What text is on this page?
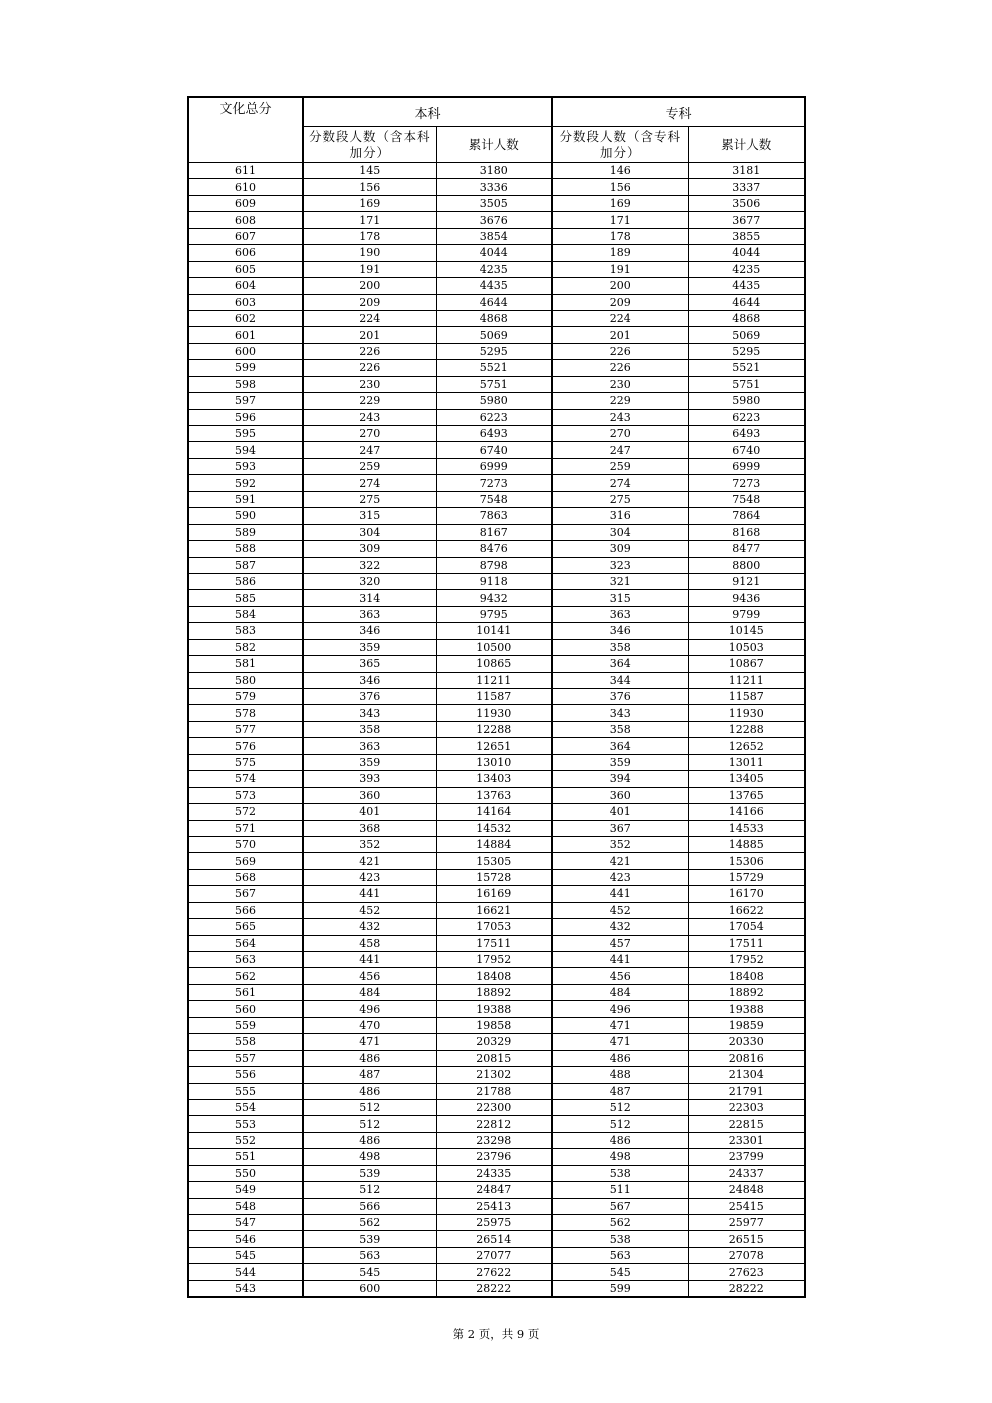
文化总分	本科		专科	
	分数段人数（含本科加分）	累计人数	分数段人数（含专科加分）	累计人数
611	145	3180	146	3181
610	156	3336	156	3337
609	169	3505	169	3506
608	171	3676	171	3677
607	178	3854	178	3855
606	190	4044	189	4044
605	191	4235	191	4235
604	200	4435	200	4435
603	209	4644	209	4644
602	224	4868	224	4868
601	201	5069	201	5069
600	226	5295	226	5295
599	226	5521	226	5521
598	230	5751	230	5751
597	229	5980	229	5980
596	243	6223	243	6223
595	270	6493	270	6493
594	247	6740	247	6740
593	259	6999	259	6999
592	274	7273	274	7273
591	275	7548	275	7548
590	315	7863	316	7864
589	304	8167	304	8168
588	309	8476	309	8477
587	322	8798	323	8800
586	320	9118	321	9121
585	314	9432	315	9436
584	363	9795	363	9799
583	346	10141	346	10145
582	359	10500	358	10503
581	365	10865	364	10867
580	346	11211	344	11211
579	376	11587	376	11587
578	343	11930	343	11930
577	358	12288	358	12288
576	363	12651	364	12652
575	359	13010	359	13011
574	393	13403	394	13405
573	360	13763	360	13765
572	401	14164	401	14166
571	368	14532	367	14533
570	352	14884	352	14885
569	421	15305	421	15306
568	423	15728	423	15729
567	441	16169	441	16170
566	452	16621	452	16622
565	432	17053	432	17054
564	458	17511	457	17511
563	441	17952	441	17952
562	456	18408	456	18408
561	484	18892	484	18892
560	496	19388	496	19388
559	470	19858	471	19859
558	471	20329	471	20330
557	486	20815	486	20816
556	487	21302	488	21304
555	486	21788	487	21791
554	512	22300	512	22303
553	512	22812	512	22815
552	486	23298	486	23301
551	498	23796	498	23799
550	539	24335	538	24337
549	512	24847	511	24848
548	566	25413	567	25415
547	562	25975	562	25977
546	539	26514	538	26515
545	563	27077	563	27078
544	545	27622	545	27623
543	600	28222	599	28222
第 2 页，共 9 页
